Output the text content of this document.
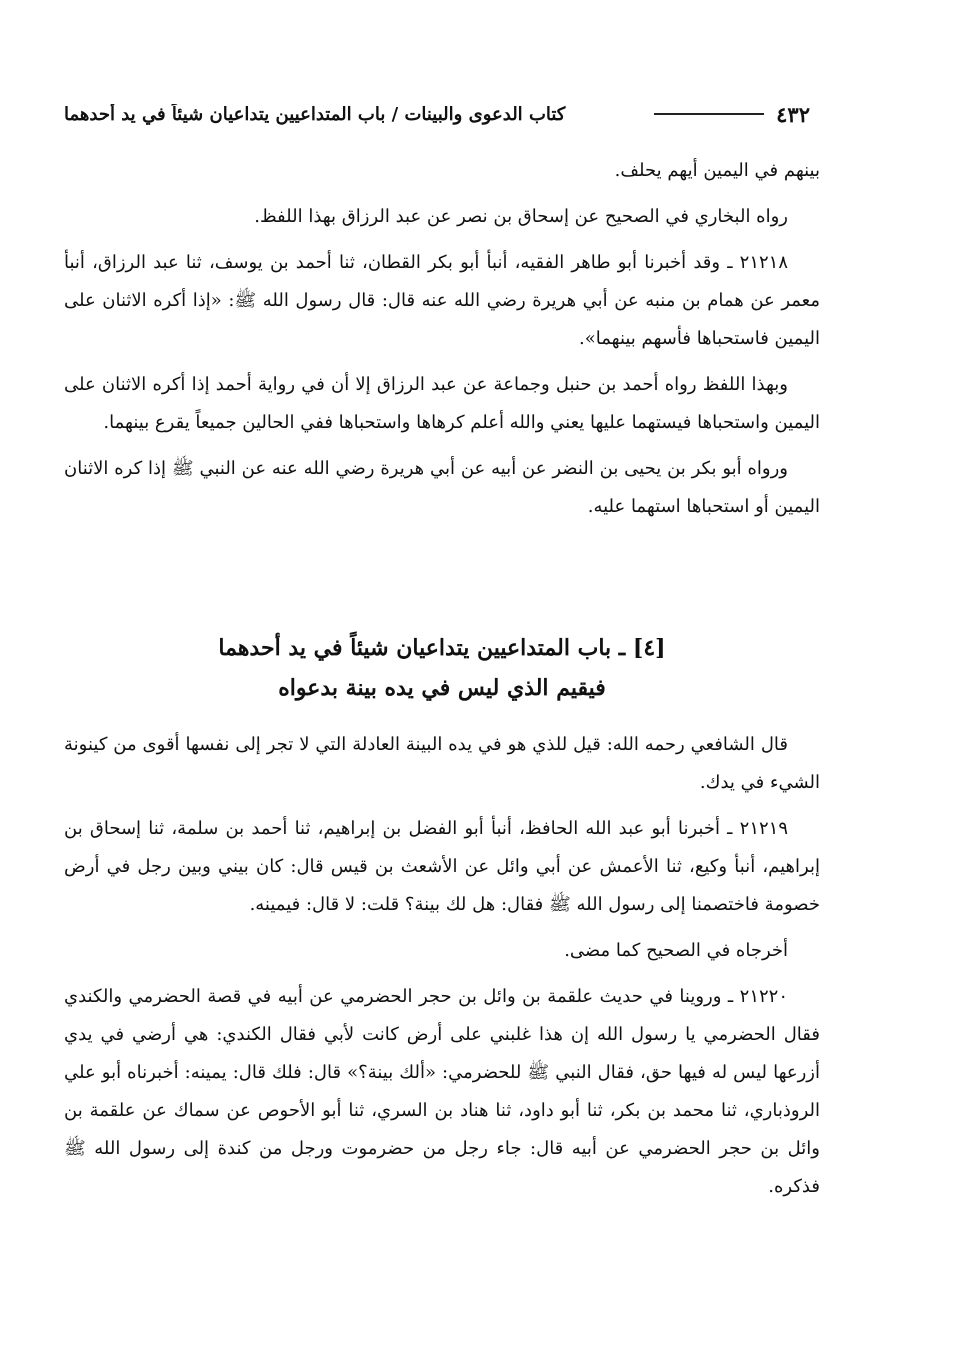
٤٣٢
كتاب الدعوى والبينات / باب المتداعيين يتداعيان شيئاً في يد أحدهما

بينهم في اليمين أيهم يحلف.

رواه البخاري في الصحيح عن إسحاق بن نصر عن عبد الرزاق بهذا اللفظ.

٢١٢١٨ ـ وقد أخبرنا أبو طاهر الفقيه، أنبأ أبو بكر القطان، ثنا أحمد بن يوسف، ثنا عبد الرزاق، أنبأ معمر عن همام بن منبه عن أبي هريرة رضي الله عنه قال: قال رسول الله ﷺ: «إذا أكره الاثنان على اليمين فاستحباها فأسهم بينهما».

وبهذا اللفظ رواه أحمد بن حنبل وجماعة عن عبد الرزاق إلا أن في رواية أحمد إذا أكره الاثنان على اليمين واستحباها فيستهما عليها يعني والله أعلم كرهاها واستحباها ففي الحالين جميعاً يقرع بينهما.

ورواه أبو بكر بن يحيى بن النضر عن أبيه عن أبي هريرة رضي الله عنه عن النبي ﷺ إذا كره الاثنان اليمين أو استحباها استهما عليه.

[٤] ـ باب المتداعيين يتداعيان شيئاً في يد أحدهما

فيقيم الذي ليس في يده بينة بدعواه

قال الشافعي رحمه الله: قيل للذي هو في يده البينة العادلة التي لا تجر إلى نفسها أقوى من كينونة الشيء في يدك.

٢١٢١٩ ـ أخبرنا أبو عبد الله الحافظ، أنبأ أبو الفضل بن إبراهيم، ثنا أحمد بن سلمة، ثنا إسحاق بن إبراهيم، أنبأ وكيع، ثنا الأعمش عن أبي وائل عن الأشعث بن قيس قال: كان بيني وبين رجل في أرض خصومة فاختصمنا إلى رسول الله ﷺ فقال: هل لك بينة؟ قلت: لا قال: فيمينه.

أخرجاه في الصحيح كما مضى.

٢١٢٢٠ ـ وروينا في حديث علقمة بن وائل بن حجر الحضرمي عن أبيه في قصة الحضرمي والكندي فقال الحضرمي يا رسول الله إن هذا غلبني على أرض كانت لأبي فقال الكندي: هي أرضي في يدي أزرعها ليس له فيها حق، فقال النبي ﷺ للحضرمي: «ألك بينة؟» قال: فلك قال: يمينه: أخبرناه أبو علي الروذباري، ثنا محمد بن بكر، ثنا أبو داود، ثنا هناد بن السري، ثنا أبو الأحوص عن سماك عن علقمة بن وائل بن حجر الحضرمي عن أبيه قال: جاء رجل من حضرموت ورجل من كندة إلى رسول الله ﷺ فذكره.
